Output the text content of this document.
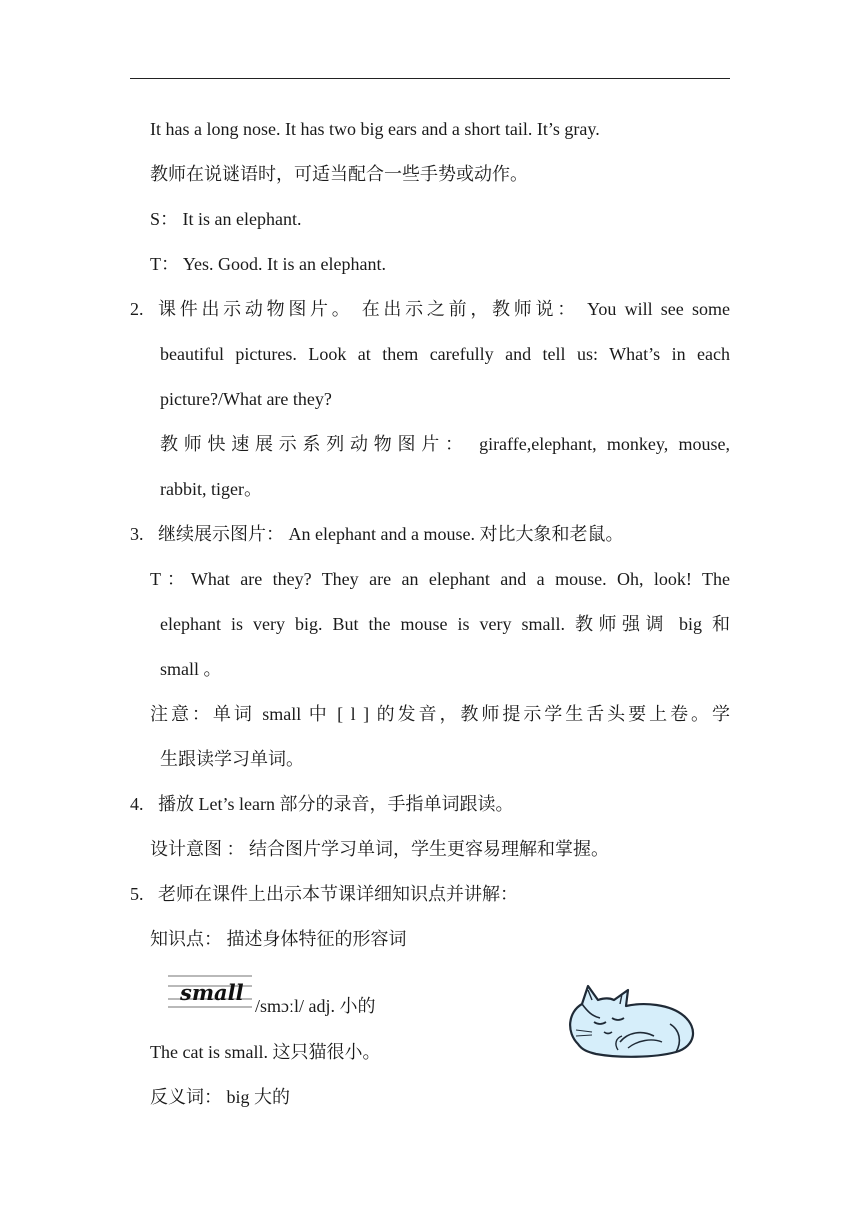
It has a long nose. It has two big ears and a short tail. It’s gray.
教师在说谜语时，可适当配合一些手势或动作。
S： It is an elephant.
T： Yes. Good. It is an elephant.
2. 课件出示动物图片。 在出示之前，教师说： You will see some
beautiful pictures. Look at them carefully and tell us: What’s in each
picture?/What are they?
教师快速展示系列动物图片： giraffe,elephant, monkey, mouse,
rabbit, tiger。
3. 继续展示图片： An elephant and a mouse. 对比大象和老鼠。
T：What are they? They are an elephant and a mouse. Oh, look! The
elephant is very big. But the mouse is very small. 教师强调 big 和
small 。
注意：单词 small 中 [ l ] 的发音，教师提示学生舌头要上卷。学
生跟读学习单词。
4. 播放 Let’s learn 部分的录音，手指单词跟读。
设计意图 ： 结合图片学习单词，学生更容易理解和掌握。
5. 老师在课件上出示本节课详细知识点并讲解：
知识点： 描述身体特征的形容词
small
/smɔːl/ adj. 小的
The cat is small. 这只猫很小。
反义词： big 大的
